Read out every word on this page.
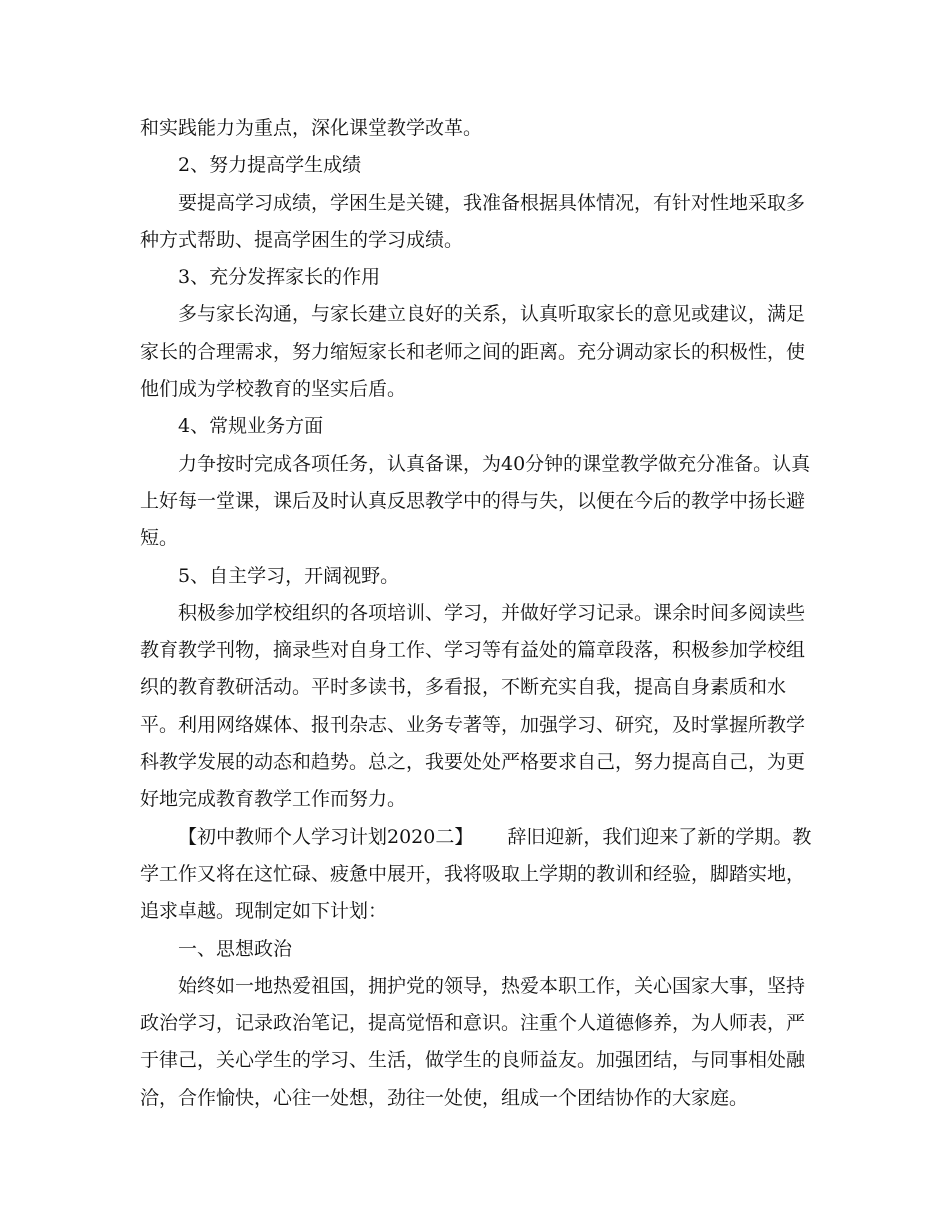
和实践能力为重点，深化课堂教学改革。

2、努力提高学生成绩

要提高学习成绩，学困生是关键，我准备根据具体情况，有针对性地采取多种方式帮助、提高学困生的学习成绩。

3、充分发挥家长的作用

多与家长沟通，与家长建立良好的关系，认真听取家长的意见或建议，满足家长的合理需求，努力缩短家长和老师之间的距离。充分调动家长的积极性，使他们成为学校教育的坚实后盾。

4、常规业务方面

力争按时完成各项任务，认真备课，为40分钟的课堂教学做充分准备。认真上好每一堂课，课后及时认真反思教学中的得与失，以便在今后的教学中扬长避短。

5、自主学习，开阔视野。

积极参加学校组织的各项培训、学习，并做好学习记录。课余时间多阅读些教育教学刊物，摘录些对自身工作、学习等有益处的篇章段落，积极参加学校组织的教育教研活动。平时多读书，多看报，不断充实自我，提高自身素质和水平。利用网络媒体、报刊杂志、业务专著等，加强学习、研究，及时掌握所教学科教学发展的动态和趋势。总之，我要处处严格要求自己，努力提高自己，为更好地完成教育教学工作而努力。

【初中教师个人学习计划2020二】 辞旧迎新，我们迎来了新的学期。教学工作又将在这忙碌、疲惫中展开，我将吸取上学期的教训和经验，脚踏实地，追求卓越。现制定如下计划：

一、思想政治

始终如一地热爱祖国，拥护党的领导，热爱本职工作，关心国家大事，坚持政治学习，记录政治笔记，提高觉悟和意识。注重个人道德修养，为人师表，严于律己，关心学生的学习、生活，做学生的良师益友。加强团结，与同事相处融洽，合作愉快，心往一处想，劲往一处使，组成一个团结协作的大家庭。
